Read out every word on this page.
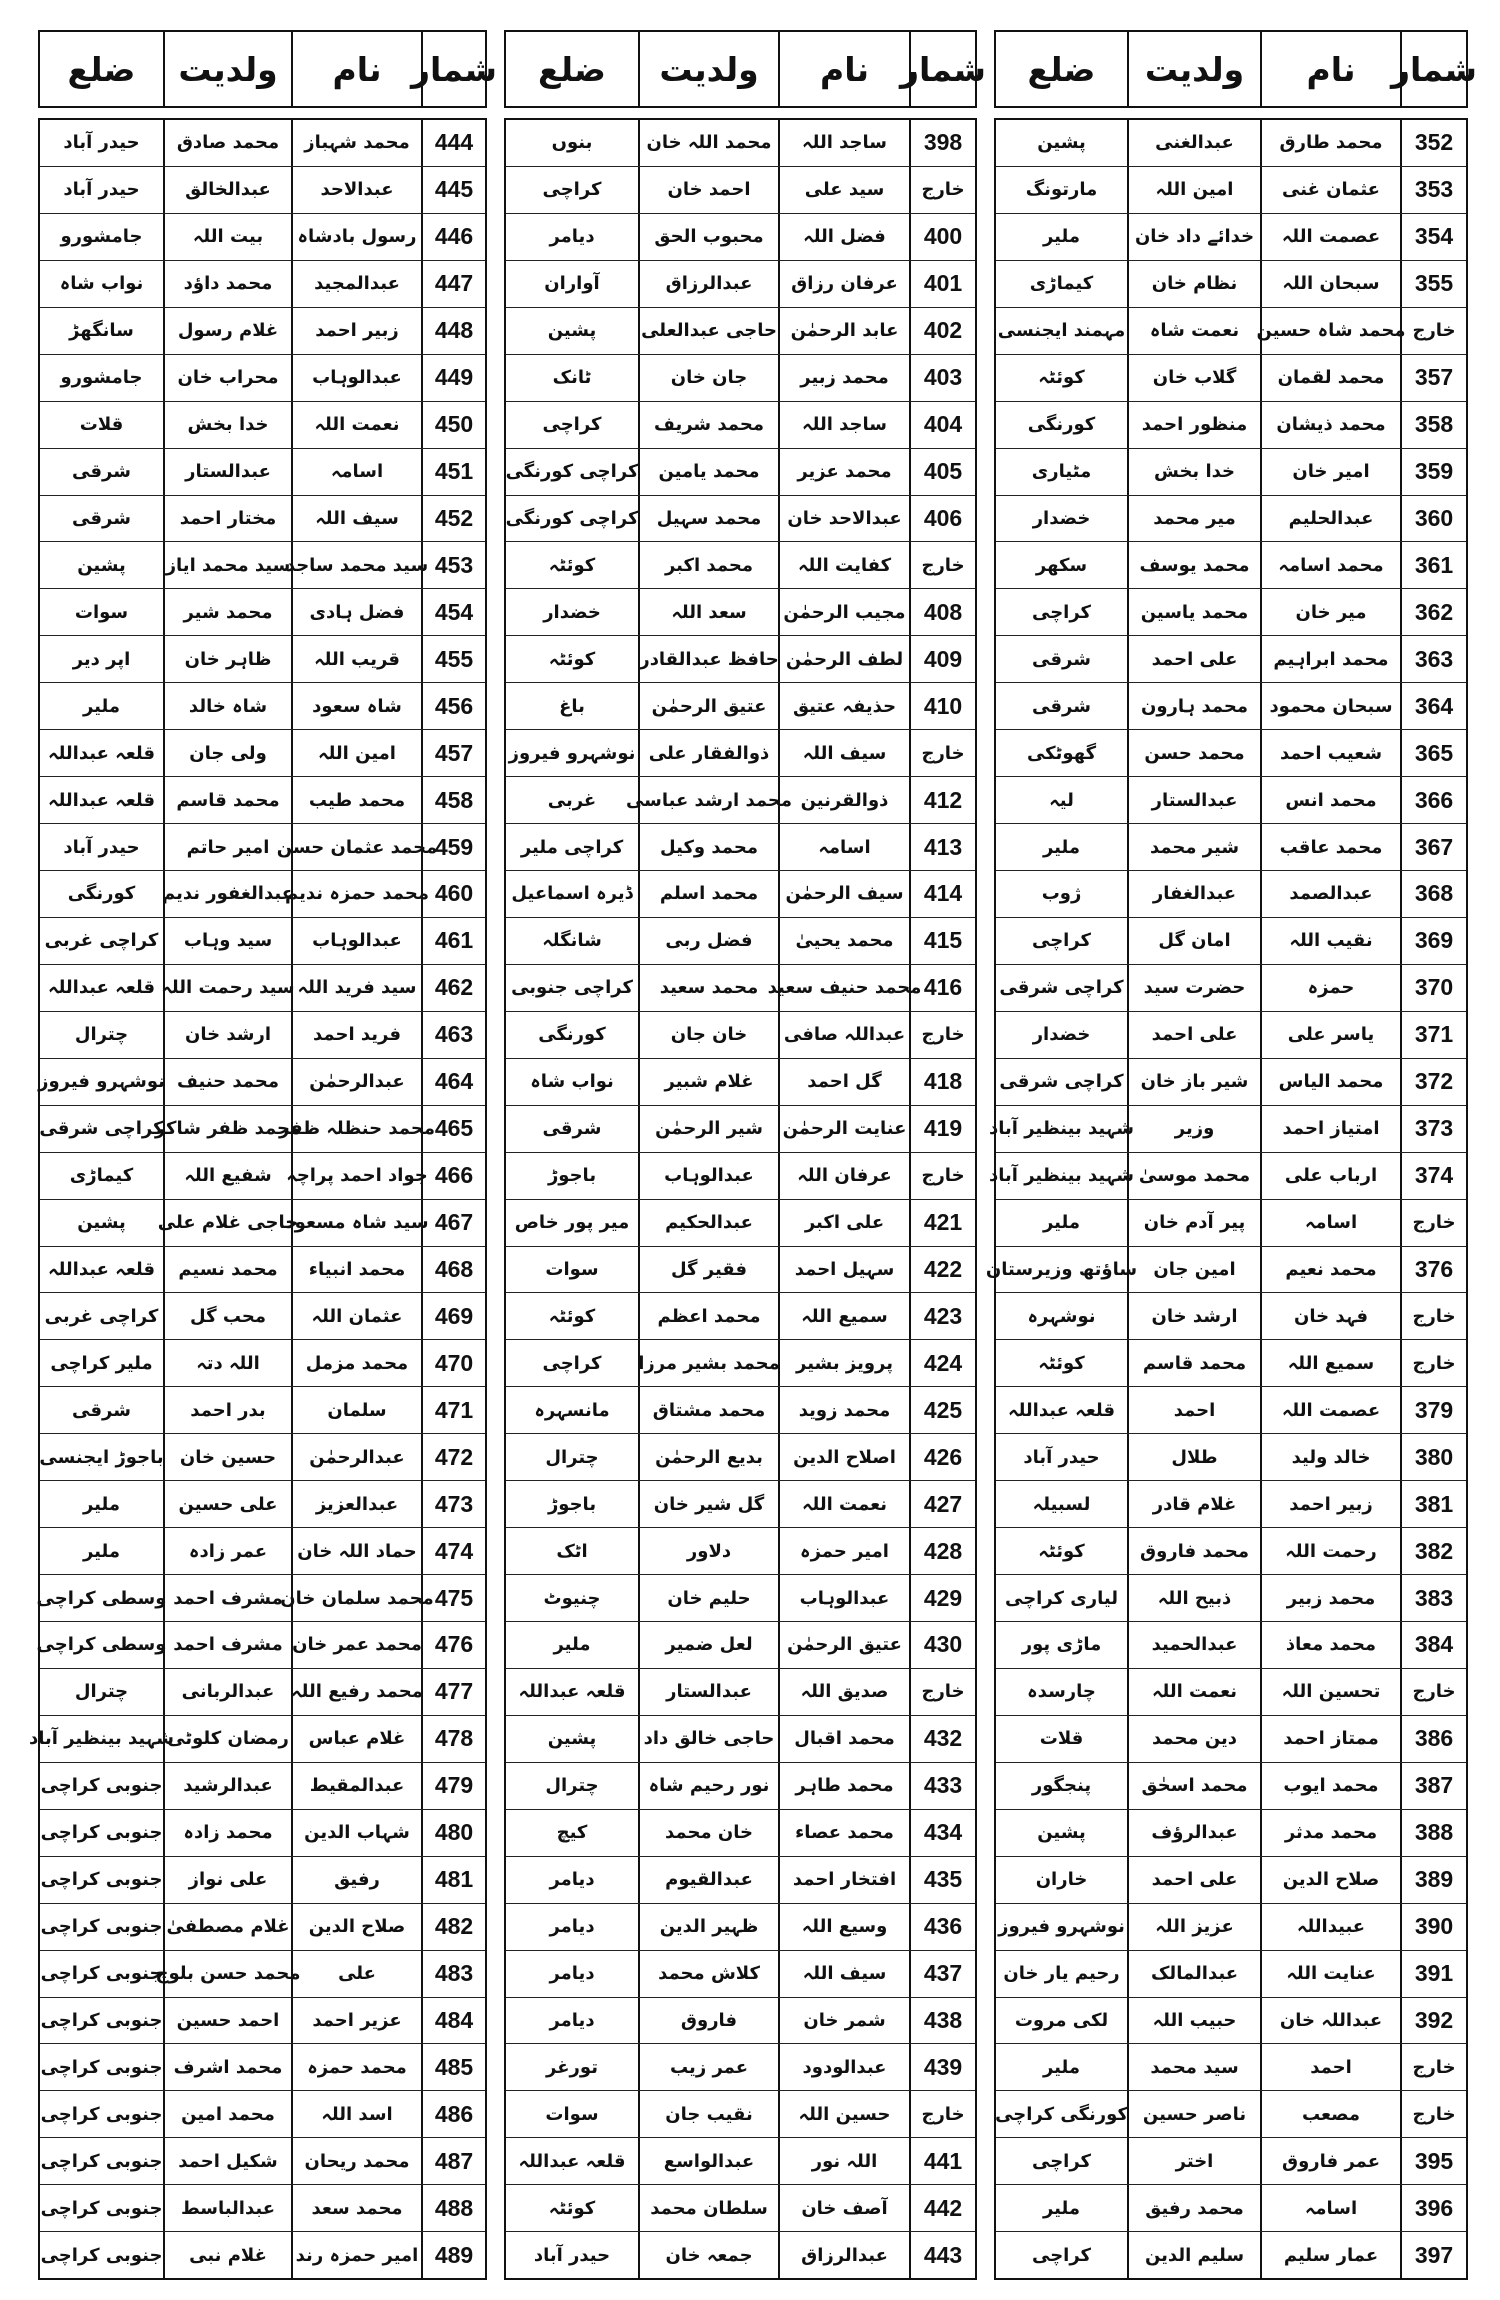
شمار
نام
ولدیت
ضلع
شمار
نام
ولدیت
ضلع
شمار
نام
ولدیت
ضلع
352
محمد طارق
عبدالغنی
پشین
353
عثمان غنی
امین اللہ
مارتونگ
354
عصمت اللہ
خدائے داد خان
ملیر
355
سبحان اللہ
نظام خان
کیماڑی
خارج
محمد شاہ حسین
نعمت شاہ
مہمند ایجنسی
357
محمد لقمان
گلاب خان
کوئٹہ
358
محمد ذیشان
منظور احمد
کورنگی
359
امیر خان
خدا بخش
مٹیاری
360
عبدالحلیم
میر محمد
خضدار
361
محمد اسامہ
محمد یوسف
سکھر
362
میر خان
محمد یاسین
کراچی
363
محمد ابراہیم
علی احمد
شرقی
364
سبحان محمود
محمد ہارون
شرقی
365
شعیب احمد
محمد حسن
گھوٹکی
366
محمد انس
عبدالستار
لیہ
367
محمد عاقب
شیر محمد
ملیر
368
عبدالصمد
عبدالغفار
ژوب
369
نقیب اللہ
امان گل
کراچی
370
حمزہ
حضرت سید
کراچی شرقی
371
یاسر علی
علی احمد
خضدار
372
محمد الیاس
شیر باز خان
کراچی شرقی
373
امتیاز احمد
وزیر
شہید بینظیر آباد
374
ارباب علی
محمد موسیٰ
شہید بینظیر آباد
خارج
اسامہ
پیر آدم خان
ملیر
376
محمد نعیم
امین جان
ساؤتھ وزیرستان
خارج
فہد خان
ارشد خان
نوشہرہ
خارج
سمیع اللہ
محمد قاسم
کوئٹہ
379
عصمت اللہ
احمد
قلعہ عبداللہ
380
خالد ولید
طلال
حیدر آباد
381
زبیر احمد
غلام قادر
لسبیلہ
382
رحمت اللہ
محمد فاروق
کوئٹہ
383
محمد زبیر
ذبیح اللہ
لیاری کراچی
384
محمد معاذ
عبدالحمید
ماڑی پور
خارج
تحسین اللہ
نعمت اللہ
چارسدہ
386
ممتاز احمد
دین محمد
قلات
387
محمد ایوب
محمد اسحٰق
پنجگور
388
محمد مدثر
عبدالرؤف
پشین
389
صلاح الدین
علی احمد
خاران
390
عبیداللہ
عزیز اللہ
نوشہرو فیروز
391
عنایت اللہ
عبدالمالک
رحیم یار خان
392
عبداللہ خان
حبیب اللہ
لکی مروت
خارج
احمد
سید محمد
ملیر
خارج
مصعب
ناصر حسین
کورنگی کراچی
395
عمر فاروق
اختر
کراچی
396
اسامہ
محمد رفیق
ملیر
397
عمار سلیم
سلیم الدین
کراچی
398
ساجد اللہ
محمد اللہ خان
بنوں
خارج
سید علی
احمد خان
کراچی
400
فضل اللہ
محبوب الحق
دیامر
401
عرفان رزاق
عبدالرزاق
آواران
402
عابد الرحمٰن
حاجی عبدالعلی
پشین
403
محمد زبیر
جان خان
ٹانک
404
ساجد اللہ
محمد شریف
کراچی
405
محمد عزیر
محمد یامین
کراچی کورنگی
406
عبدالاحد خان
محمد سہیل
کراچی کورنگی
خارج
کفایت اللہ
محمد اکبر
کوئٹہ
408
مجیب الرحمٰن
سعد اللہ
خضدار
409
لطف الرحمٰن
حافظ عبدالقادر
کوئٹہ
410
حذیفہ عتیق
عتیق الرحمٰن
باغ
خارج
سیف اللہ
ذوالفقار علی
نوشہرو فیروز
412
ذوالقرنین
محمد ارشد عباسی
غربی
413
اسامہ
محمد وکیل
کراچی ملیر
414
سیف الرحمٰن
محمد اسلم
ڈیرہ اسماعیل
415
محمد یحییٰ
فضل ربی
شانگلہ
416
محمد حنیف سعید
محمد سعید
کراچی جنوبی
خارج
عبداللہ صافی
خان جان
کورنگی
418
گل احمد
غلام شبیر
نواب شاہ
419
عنایت الرحمٰن
شیر الرحمٰن
شرقی
خارج
عرفان اللہ
عبدالوہاب
باجوڑ
421
علی اکبر
عبدالحکیم
میر پور خاص
422
سہیل احمد
فقیر گل
سوات
423
سمیع اللہ
محمد اعظم
کوئٹہ
424
پرویز بشیر
محمد بشیر مرزا
کراچی
425
محمد زوید
محمد مشتاق
مانسہرہ
426
اصلاح الدین
بدیع الرحمٰن
چترال
427
نعمت اللہ
گل شیر خان
باجوڑ
428
امیر حمزہ
دلاور
اٹک
429
عبدالوہاب
حلیم خان
چنیوٹ
430
عتیق الرحمٰن
لعل ضمیر
ملیر
خارج
صدیق اللہ
عبدالستار
قلعہ عبداللہ
432
محمد اقبال
حاجی خالق داد
پشین
433
محمد طاہر
نور رحیم شاہ
چترال
434
محمد عصاء
خان محمد
کیچ
435
افتخار احمد
عبدالقیوم
دیامر
436
وسیع اللہ
ظہیر الدین
دیامر
437
سیف اللہ
کلاش محمد
دیامر
438
شمر خان
فاروق
دیامر
439
عبدالودود
عمر زیب
تورغر
خارج
حسین اللہ
نقیب جان
سوات
441
اللہ نور
عبدالواسع
قلعہ عبداللہ
442
آصف خان
سلطان محمد
کوئٹہ
443
عبدالرزاق
جمعہ خان
حیدر آباد
444
محمد شہباز
محمد صادق
حیدر آباد
445
عبدالاحد
عبدالخالق
حیدر آباد
446
رسول بادشاہ
بیت اللہ
جامشورو
447
عبدالمجید
محمد داؤد
نواب شاہ
448
زبیر احمد
غلام رسول
سانگھڑ
449
عبدالوہاب
محراب خان
جامشورو
450
نعمت اللہ
خدا بخش
قلات
451
اسامہ
عبدالستار
شرقی
452
سیف اللہ
مختار احمد
شرقی
453
سید محمد ساجد
سید محمد ایاز
پشین
454
فضل ہادی
محمد شیر
سوات
455
قریب اللہ
ظاہر خان
اپر دیر
456
شاہ سعود
شاہ خالد
ملیر
457
امین اللہ
ولی جان
قلعہ عبداللہ
458
محمد طیب
محمد قاسم
قلعہ عبداللہ
459
محمد عثمان حسن
امیر حاتم
حیدر آباد
460
محمد حمزہ ندیم
عبدالغفور ندیم
کورنگی
461
عبدالوہاب
سید وہاب
کراچی غربی
462
سید فرید اللہ
سید رحمت اللہ
قلعہ عبداللہ
463
فرید احمد
ارشد خان
چترال
464
عبدالرحمٰن
محمد حنیف
نوشہرو فیروز
465
محمد حنظلہ ظفر
محمد ظفر شاکر
کراچی شرقی
466
جواد احمد پراچہ
شفیع اللہ
کیماڑی
467
سید شاہ مسعود
حاجی غلام علی
پشین
468
محمد انبیاء
محمد نسیم
قلعہ عبداللہ
469
عثمان اللہ
محب گل
کراچی غربی
470
محمد مزمل
اللہ دتہ
ملیر کراچی
471
سلمان
بدر احمد
شرقی
472
عبدالرحمٰن
حسین خان
باجوڑ ایجنسی
473
عبدالعزیز
علی حسین
ملیر
474
حماد اللہ خان
عمر زادہ
ملیر
475
محمد سلمان خان
مشرف احمد
وسطی کراچی
476
محمد عمر خان
مشرف احمد
وسطی کراچی
477
محمد رفیع اللہ
عبدالربانی
چترال
478
غلام عباس
رمضان کلوٹی
شہید بینظیر آباد
479
عبدالمقیط
عبدالرشید
جنوبی کراچی
480
شہاب الدین
محمد زادہ
جنوبی کراچی
481
رفیق
علی نواز
جنوبی کراچی
482
صلاح الدین
غلام مصطفیٰ
جنوبی کراچی
483
علی
محمد حسن بلوچ
جنوبی کراچی
484
عزیر احمد
احمد حسین
جنوبی کراچی
485
محمد حمزہ
محمد اشرف
جنوبی کراچی
486
اسد اللہ
محمد امین
جنوبی کراچی
487
محمد ریحان
شکیل احمد
جنوبی کراچی
488
محمد سعد
عبدالباسط
جنوبی کراچی
489
امیر حمزہ رند
غلام نبی
جنوبی کراچی
